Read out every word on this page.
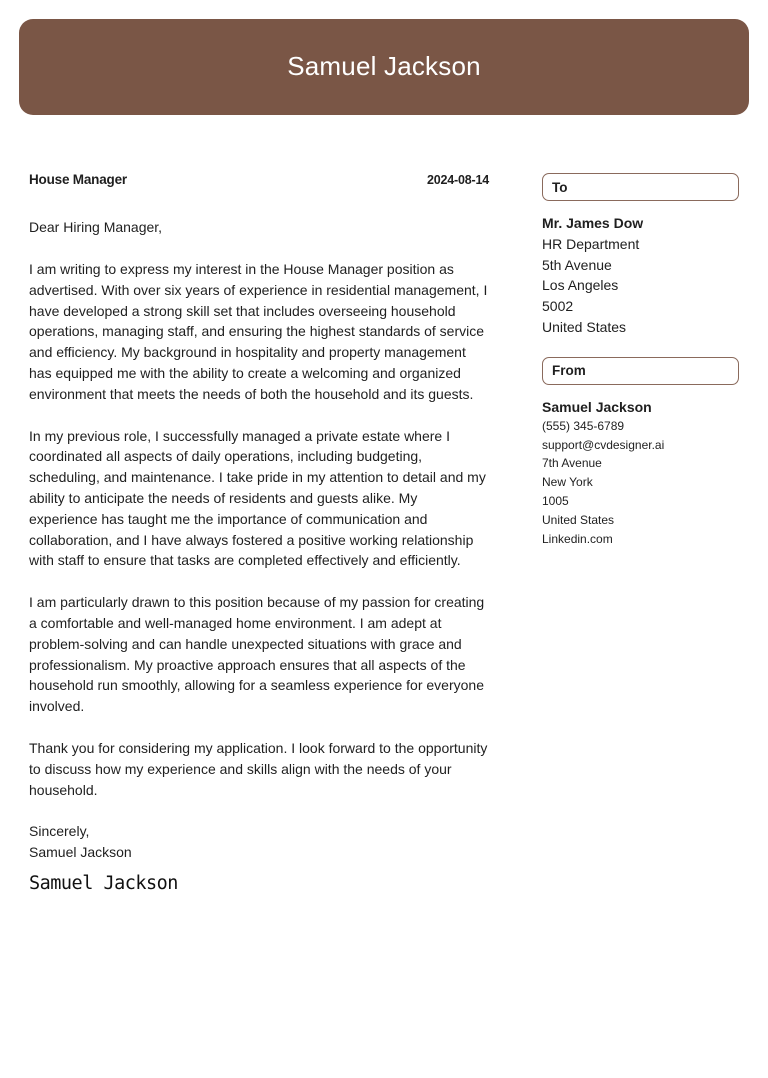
Samuel Jackson
House Manager	2024-08-14
Dear Hiring Manager,
I am writing to express my interest in the House Manager position as advertised. With over six years of experience in residential management, I have developed a strong skill set that includes overseeing household operations, managing staff, and ensuring the highest standards of service and efficiency. My background in hospitality and property management has equipped me with the ability to create a welcoming and organized environment that meets the needs of both the household and its guests.
In my previous role, I successfully managed a private estate where I coordinated all aspects of daily operations, including budgeting, scheduling, and maintenance. I take pride in my attention to detail and my ability to anticipate the needs of residents and guests alike. My experience has taught me the importance of communication and collaboration, and I have always fostered a positive working relationship with staff to ensure that tasks are completed effectively and efficiently.
I am particularly drawn to this position because of my passion for creating a comfortable and well-managed home environment. I am adept at problem-solving and can handle unexpected situations with grace and professionalism. My proactive approach ensures that all aspects of the household run smoothly, allowing for a seamless experience for everyone involved.
Thank you for considering my application. I look forward to the opportunity to discuss how my experience and skills align with the needs of your household.
Sincerely,
Samuel Jackson
Samuel Jackson
To
Mr. James Dow
HR Department
5th Avenue
Los Angeles
5002
United States
From
Samuel Jackson
(555) 345-6789
support@cvdesigner.ai
7th Avenue
New York
1005
United States
Linkedin.com
